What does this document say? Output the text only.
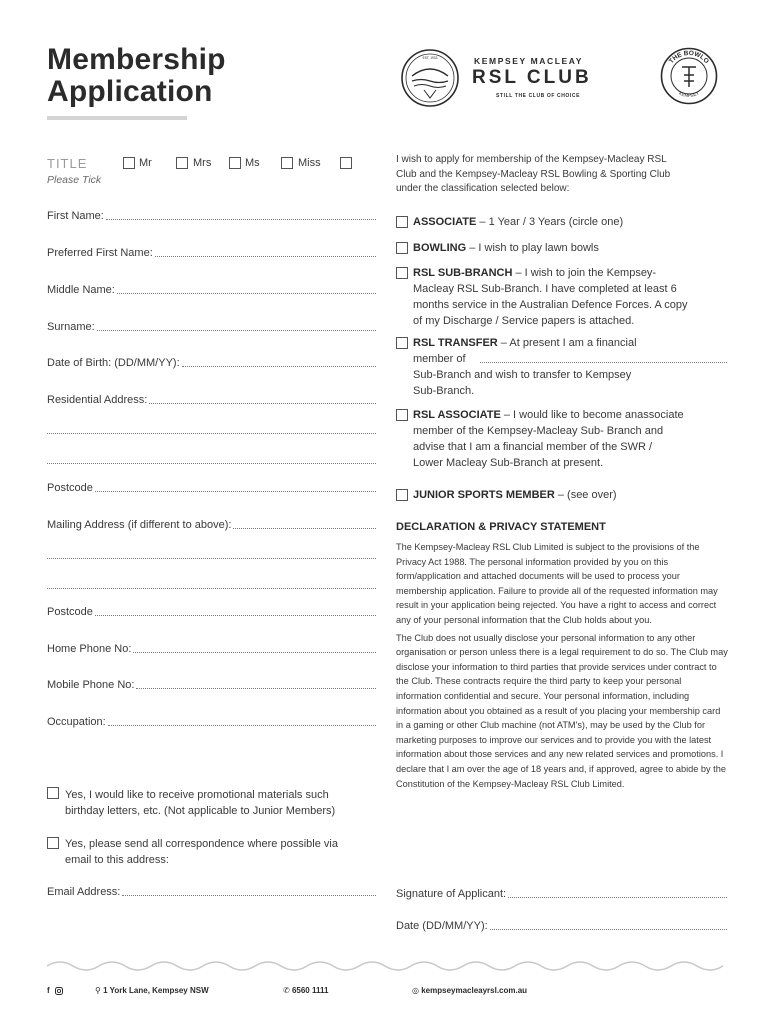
Membership
Application
EST. 1933	KEMPSEY MACLEAY
RSL CLUB
STILL THE CLUB OF CHOICE
THE BOWLO
KEMPSEY
TITLE
Please Tick
Mr	Mrs	Ms	Miss
First Name:
Preferred First Name:
Middle Name:
Surname:
Date of Birth: (DD/MM/YY):
Residential Address:
Postcode
Mailing Address (if different to above):
Postcode
Home Phone No:
Mobile Phone No:
Occupation:
Yes, I would like to receive promotional materials such
birthday letters, etc. (Not applicable to Junior Members)
Yes, please send all correspondence where possible via
email to this address:
Email Address:
I wish to apply for membership of the Kempsey-Macleay RSL
Club and the Kempsey-Macleay RSL Bowling & Sporting Club
under the classification selected below:
ASSOCIATE – 1 Year / 3 Years (circle one)
BOWLING – I wish to play lawn bowls
RSL SUB-BRANCH – I wish to join the Kempsey-
Macleay RSL Sub-Branch. I have completed at least 6
months service in the Australian Defence Forces. A copy
of my Discharge / Service papers is attached.
RSL TRANSFER – At present I am a financial
member of
Sub-Branch and wish to transfer to Kempsey
Sub-Branch.
RSL ASSOCIATE – I would like to become anassociate
member of the Kempsey-Macleay Sub- Branch and
advise that I am a financial member of the SWR /
Lower Macleay Sub-Branch at present.
JUNIOR SPORTS MEMBER – (see over)
DECLARATION & PRIVACY STATEMENT

The Kempsey-Macleay RSL Club Limited is subject to the provisions of the Privacy Act 1988. The personal information provided by you on this form/application and attached documents will be used to process your membership application. Failure to provide all of the requested information may result in your application being rejected. You have a right to access and correct any of your personal information that the Club holds about you.

The Club does not usually disclose your personal information to any other organisation or person unless there is a legal requirement to do so. The Club may disclose your information to third parties that provide services under contract to the Club. These contracts require the third party to keep your personal information confidential and secure. Your personal information, including information about you obtained as a result of you placing your membership card in a gaming or other Club machine (not ATM's), may be used by the Club for marketing purposes to improve our services and to provide you with the latest information about those services and any new related services and promotions. I declare that I am over the age of 18 years and, if approved, agree to abide by the Constitution of the Kempsey-Macleay RSL Club Limited.

Signature of Applicant:
Date (DD/MM/YY):
f	⚲ 1 York Lane, Kempsey NSW	✆ 6560 1111	◎ kempseymacleayrsl.com.au
